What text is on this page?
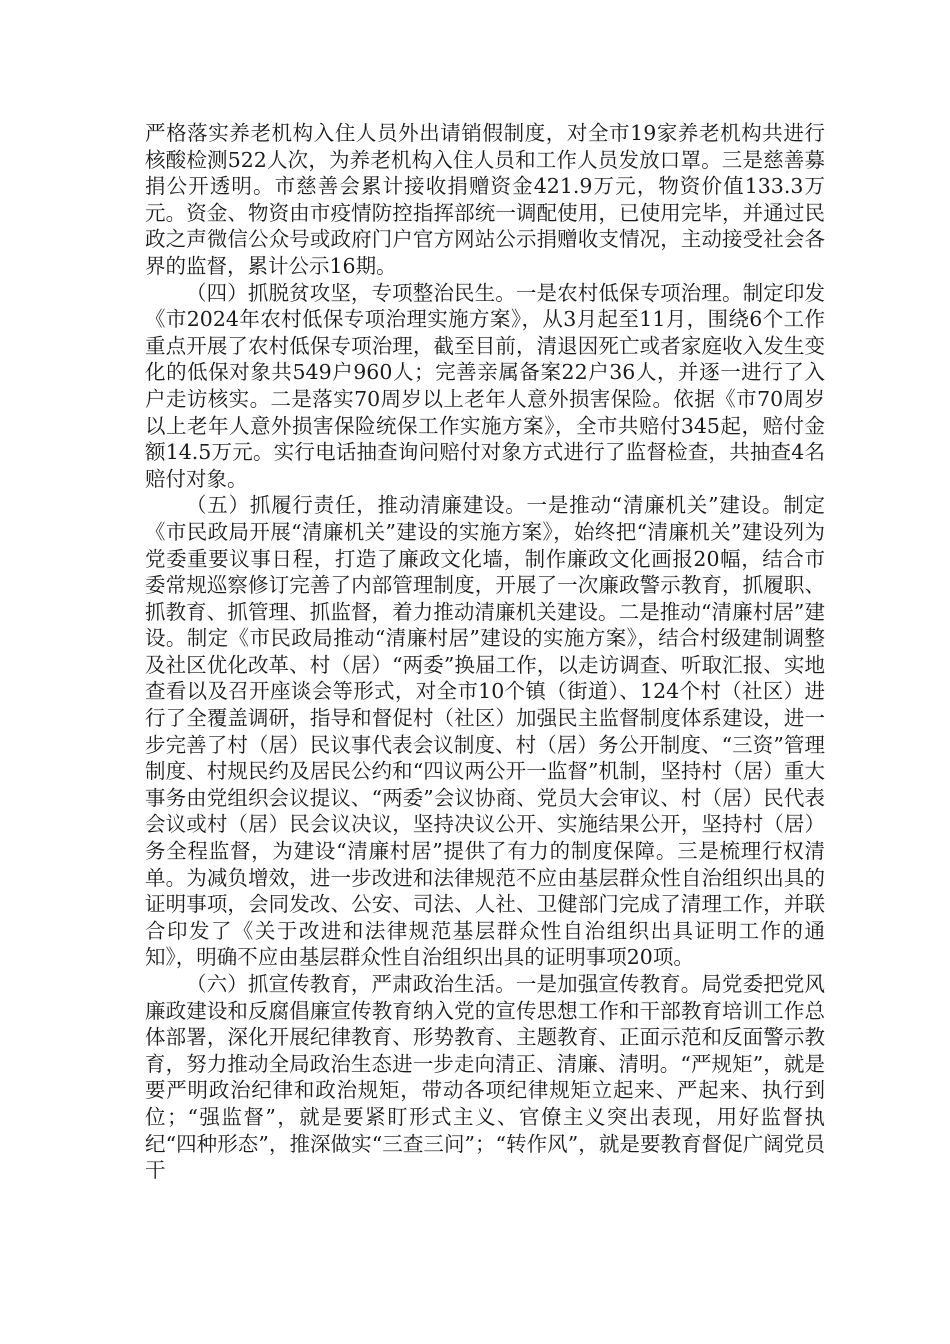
严格落实养老机构入住人员外出请销假制度，对全市19家养老机构共进行核酸检测522人次，为养老机构入住人员和工作人员发放口罩。三是慈善募捐公开透明。市慈善会累计接收捐赠资金421.9万元，物资价值133.3万元。资金、物资由市疫情防控指挥部统一调配使用，已使用完毕，并通过民政之声微信公众号或政府门户官方网站公示捐赠收支情况，主动接受社会各界的监督，累计公示16期。

（四）抓脱贫攻坚，专项整治民生。一是农村低保专项治理。制定印发《市2024年农村低保专项治理实施方案》，从3月起至11月，围绕6个工作重点开展了农村低保专项治理，截至目前，清退因死亡或者家庭收入发生变化的低保对象共549户960人；完善亲属备案22户36人，并逐一进行了入户走访核实。二是落实70周岁以上老年人意外损害保险。依据《市70周岁以上老年人意外损害保险统保工作实施方案》，全市共赔付345起，赔付金额14.5万元。实行电话抽查询问赔付对象方式进行了监督检查，共抽查4名赔付对象。

（五）抓履行责任，推动清廉建设。一是推动“清廉机关”建设。制定《市民政局开展“清廉机关”建设的实施方案》，始终把“清廉机关”建设列为党委重要议事日程，打造了廉政文化墙，制作廉政文化画报20幅，结合市委常规巡察修订完善了内部管理制度，开展了一次廉政警示教育，抓履职、抓教育、抓管理、抓监督，着力推动清廉机关建设。二是推动“清廉村居”建设。制定《市民政局推动“清廉村居”建设的实施方案》，结合村级建制调整及社区优化改革、村（居）“两委”换届工作，以走访调查、听取汇报、实地查看以及召开座谈会等形式，对全市10个镇（街道）、124个村（社区）进行了全覆盖调研，指导和督促村（社区）加强民主监督制度体系建设，进一步完善了村（居）民议事代表会议制度、村（居）务公开制度、“三资”管理制度、村规民约及居民公约和“四议两公开一监督”机制，坚持村（居）重大事务由党组织会议提议、“两委”会议协商、党员大会审议、村（居）民代表会议或村（居）民会议决议，坚持决议公开、实施结果公开，坚持村（居）务全程监督，为建设“清廉村居”提供了有力的制度保障。三是梳理行权清单。为减负增效，进一步改进和法律规范不应由基层群众性自治组织出具的证明事项，会同发改、公安、司法、人社、卫健部门完成了清理工作，并联合印发了《关于改进和法律规范基层群众性自治组织出具证明工作的通知》，明确不应由基层群众性自治组织出具的证明事项20项。

（六）抓宣传教育，严肃政治生活。一是加强宣传教育。局党委把党风廉政建设和反腐倡廉宣传教育纳入党的宣传思想工作和干部教育培训工作总体部署，深化开展纪律教育、形势教育、主题教育、正面示范和反面警示教育，努力推动全局政治生态进一步走向清正、清廉、清明。“严规矩”，就是要严明政治纪律和政治规矩，带动各项纪律规矩立起来、严起来、执行到位；“强监督”，就是要紧盯形式主义、官僚主义突出表现，用好监督执纪“四种形态”，推深做实“三查三问”；“转作风”，就是要教育督促广阔党员干
